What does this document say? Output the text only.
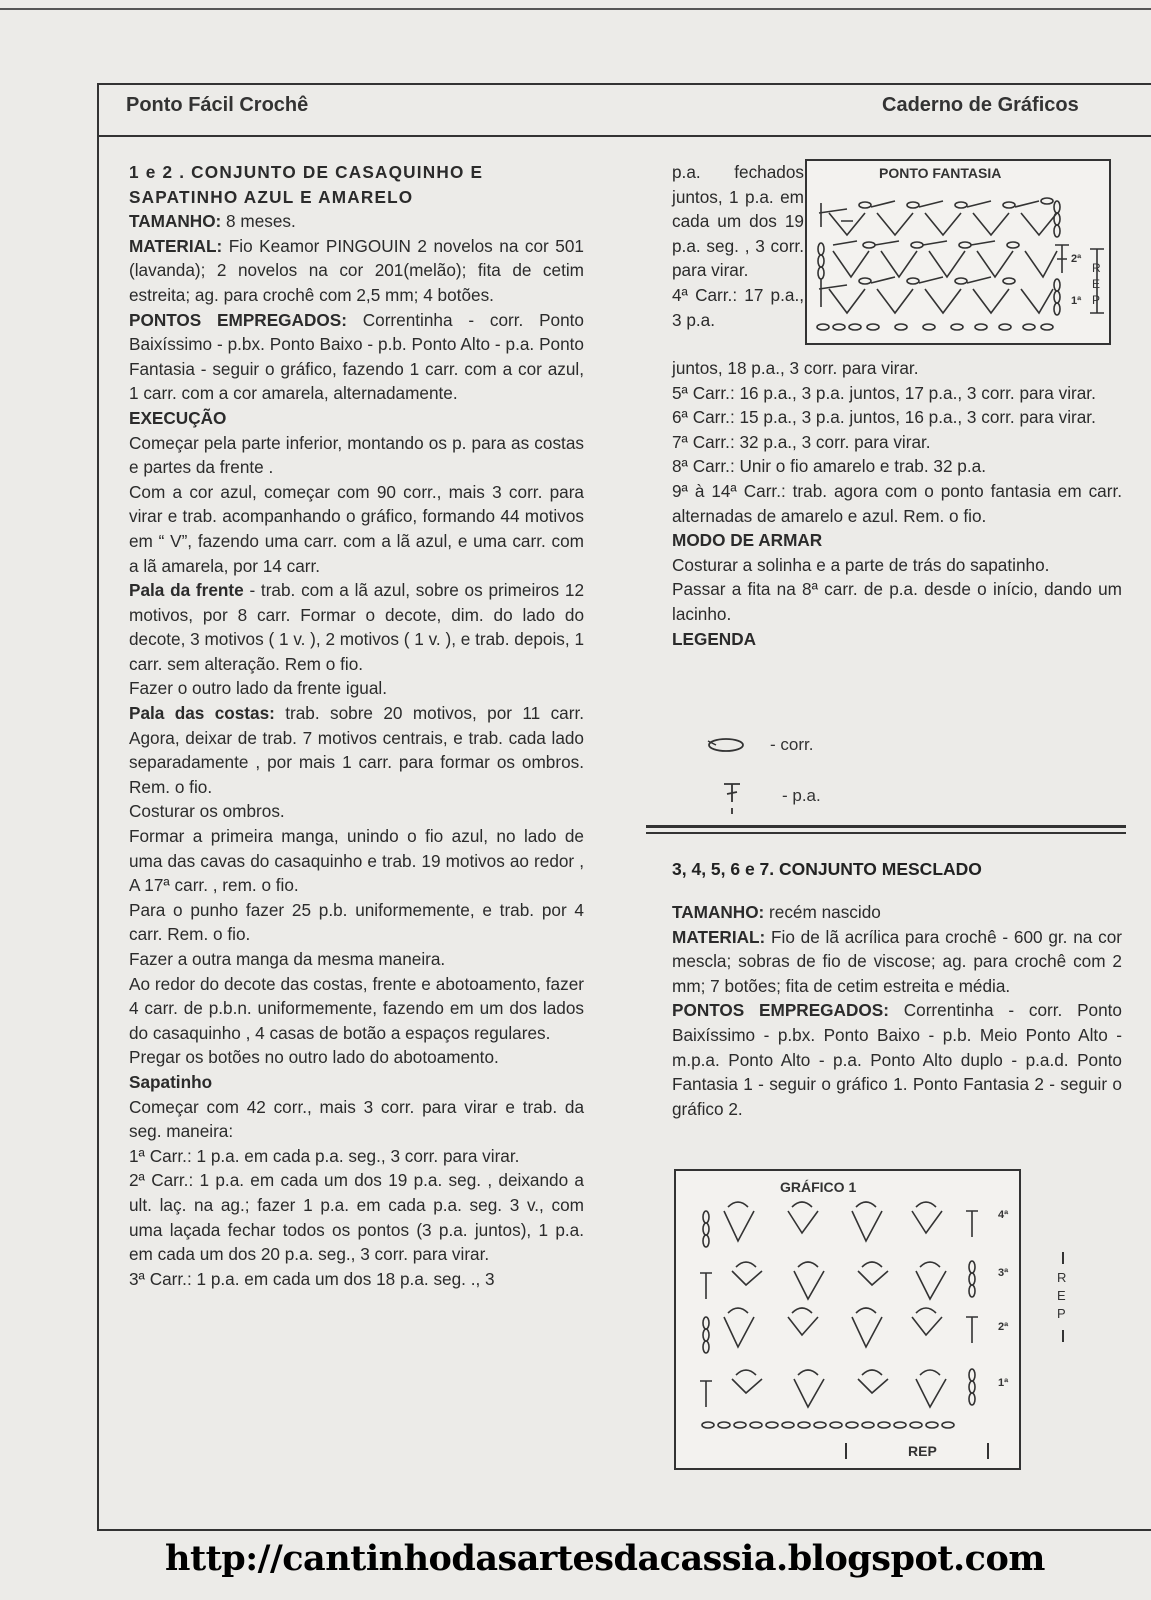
Ponto Fácil Crochê	Caderno de Gráficos

1 e 2 . CONJUNTO DE CASAQUINHO E

SAPATINHO AZUL E AMARELO

TAMANHO: 8 meses.

MATERIAL: Fio Keamor PINGOUIN 2 novelos na cor 501 (lavanda); 2 novelos na cor 201(melão); fita de cetim estreita; ag. para crochê com 2,5 mm; 4 botões.

PONTOS EMPREGADOS: Correntinha - corr. Ponto Baixíssimo - p.bx. Ponto Baixo - p.b. Ponto Alto - p.a. Ponto Fantasia - seguir o gráfico, fazendo 1 carr. com a cor azul, 1 carr. com a cor amarela, alternadamente.

EXECUÇÃO

Começar pela parte inferior, montando os p. para as costas e partes da frente .

Com a cor azul, começar com 90 corr., mais 3 corr. para virar e trab. acompanhando o gráfico, formando 44 motivos em “ V”, fazendo uma carr. com a lã azul, e uma carr. com a lã amarela, por 14 carr.

Pala da frente - trab. com a lã azul, sobre os primeiros 12 motivos, por 8 carr. Formar o decote, dim. do lado do decote, 3 motivos ( 1 v. ), 2 motivos ( 1 v. ), e trab. depois, 1 carr. sem alteração. Rem o fio.

Fazer o outro lado da frente igual.

Pala das costas: trab. sobre 20 motivos, por 11 carr. Agora, deixar de trab. 7 motivos centrais, e trab. cada lado separadamente , por mais 1 carr. para formar os ombros. Rem. o fio.

Costurar os ombros.

Formar a primeira manga, unindo o fio azul, no lado de uma das cavas do casaquinho e trab. 19 motivos ao redor , A 17ª carr. , rem. o fio.

Para o punho fazer 25 p.b. uniformemente, e trab. por 4 carr. Rem. o fio.

Fazer a outra manga da mesma maneira.

Ao redor do decote das costas, frente e abotoamento, fazer 4 carr. de p.b.n. uniformemente, fazendo em um dos lados do casaquinho , 4 casas de botão a espaços regulares.

Pregar os botões no outro lado do abotoamento.

Sapatinho

Começar com 42 corr., mais 3 corr. para virar e trab. da seg. maneira:

1ª Carr.: 1 p.a. em cada p.a. seg., 3 corr. para virar.

2ª Carr.: 1 p.a. em cada um dos 19 p.a. seg. , deixando a ult. laç. na ag.; fazer 1 p.a. em cada p.a. seg. 3 v., com uma laçada fechar todos os pontos (3 p.a. juntos), 1 p.a. em cada um dos 20 p.a. seg., 3 corr. para virar.

3ª Carr.: 1 p.a. em cada um dos 18 p.a. seg. ., 3

p.a. fechados juntos, 1 p.a. em cada um dos 19 p.a. seg. , 3 corr. para virar.

4ª Carr.: 17 p.a., 3 p.a.

PONTO FANTASIA
2ª
1ª
R
E
P

juntos, 18 p.a., 3 corr. para virar.

5ª Carr.: 16 p.a., 3 p.a. juntos, 17 p.a., 3 corr. para virar.

6ª Carr.: 15 p.a., 3 p.a. juntos, 16 p.a., 3 corr. para virar.

7ª Carr.: 32 p.a., 3 corr. para virar.

8ª Carr.: Unir o fio amarelo e trab. 32 p.a.

9ª à 14ª Carr.: trab. agora com o ponto fantasia em carr. alternadas de amarelo e azul. Rem. o fio.

MODO DE ARMAR

Costurar a solinha e a parte de trás do sapatinho.

Passar a fita na 8ª carr. de p.a. desde o início, dando um lacinho.

LEGENDA

- corr.
- p.a.
3, 4, 5, 6 e 7. CONJUNTO MESCLADO

TAMANHO: recém nascido

MATERIAL: Fio de lã acrílica para crochê - 600 gr. na cor mescla; sobras de fio de viscose; ag. para crochê com 2 mm; 7 botões; fita de cetim estreita e média.

PONTOS EMPREGADOS: Correntinha - corr. Ponto Baixíssimo - p.bx. Ponto Baixo - p.b. Meio Ponto Alto - m.p.a. Ponto Alto - p.a. Ponto Alto duplo - p.a.d. Ponto Fantasia 1 - seguir o gráfico 1. Ponto Fantasia 2 - seguir o gráfico 2.

GRÁFICO 1
4ª
3ª
2ª
1ª
REP
R
E
P
http://cantinhodasartesdacassia.blogspot.com
